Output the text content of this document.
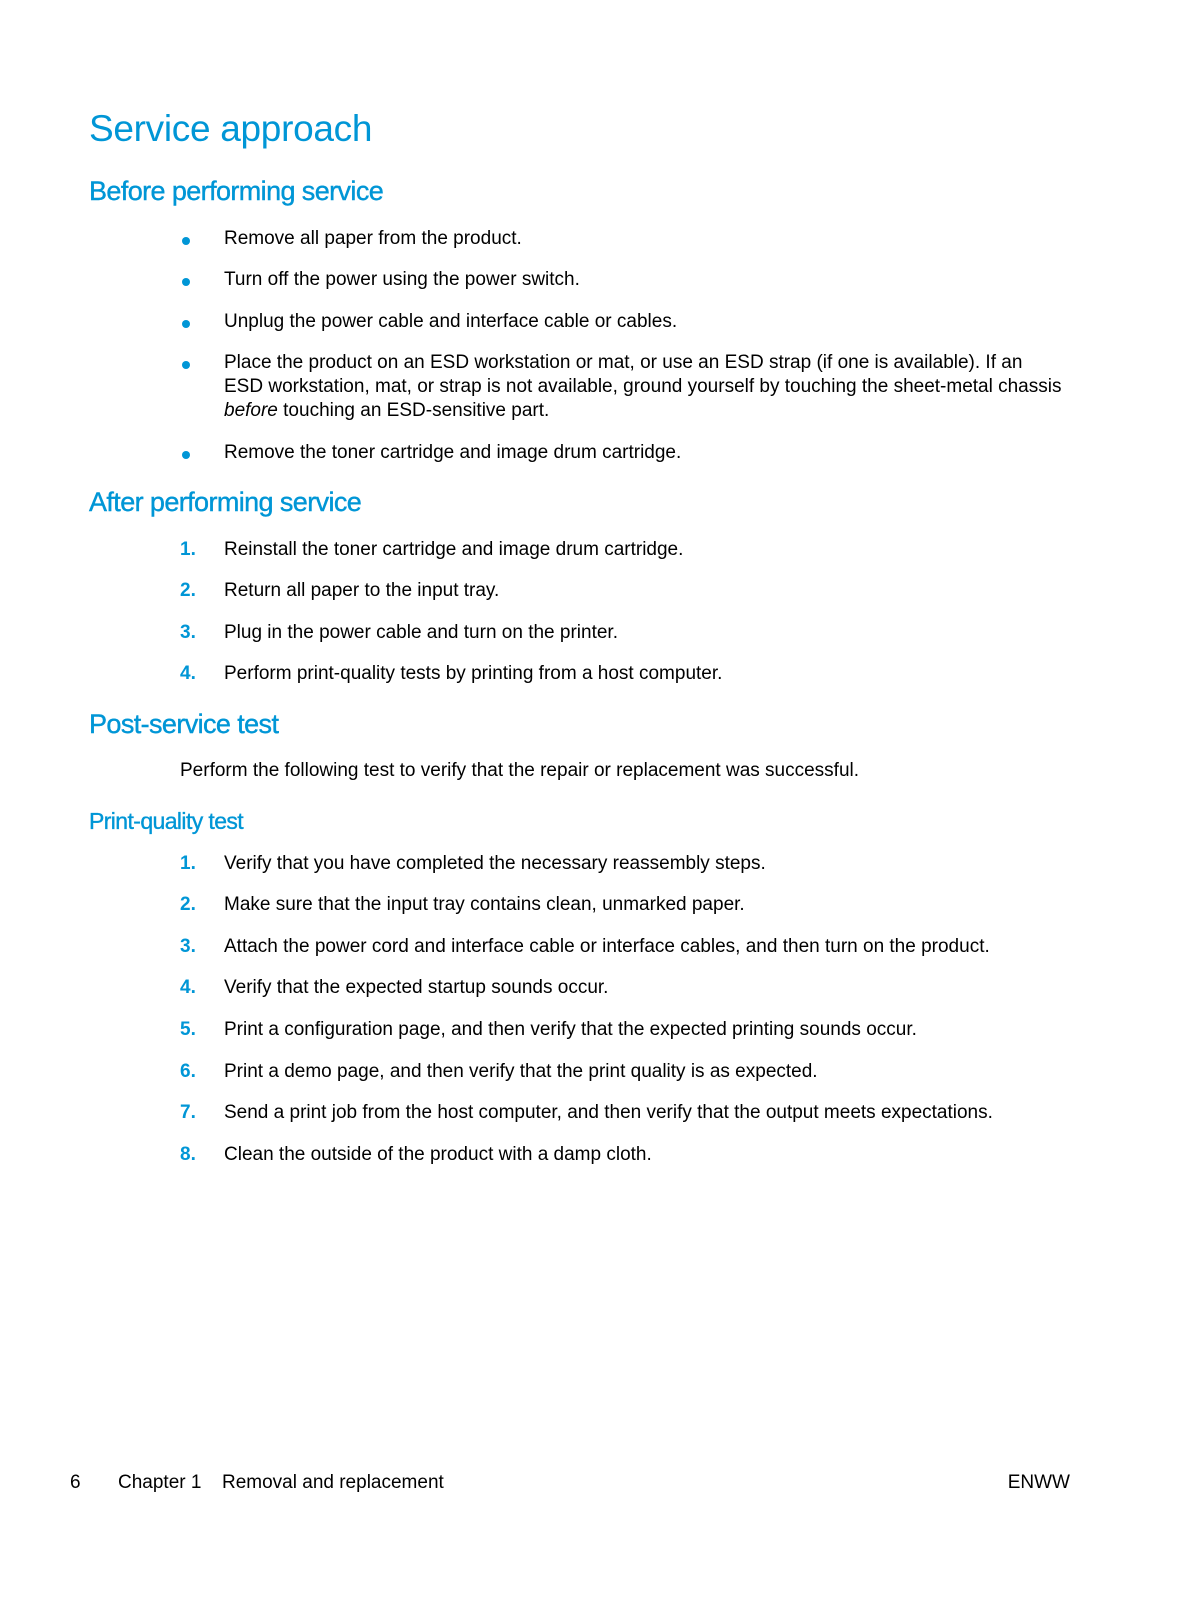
Service approach
Before performing service
Remove all paper from the product.
Turn off the power using the power switch.
Unplug the power cable and interface cable or cables.
Place the product on an ESD workstation or mat, or use an ESD strap (if one is available). If an ESD workstation, mat, or strap is not available, ground yourself by touching the sheet-metal chassis before touching an ESD-sensitive part.
Remove the toner cartridge and image drum cartridge.
After performing service
1. Reinstall the toner cartridge and image drum cartridge.
2. Return all paper to the input tray.
3. Plug in the power cable and turn on the printer.
4. Perform print-quality tests by printing from a host computer.
Post-service test
Perform the following test to verify that the repair or replacement was successful.
Print-quality test
1. Verify that you have completed the necessary reassembly steps.
2. Make sure that the input tray contains clean, unmarked paper.
3. Attach the power cord and interface cable or interface cables, and then turn on the product.
4. Verify that the expected startup sounds occur.
5. Print a configuration page, and then verify that the expected printing sounds occur.
6. Print a demo page, and then verify that the print quality is as expected.
7. Send a print job from the host computer, and then verify that the output meets expectations.
8. Clean the outside of the product with a damp cloth.
6 Chapter 1 Removal and replacement	ENWW
